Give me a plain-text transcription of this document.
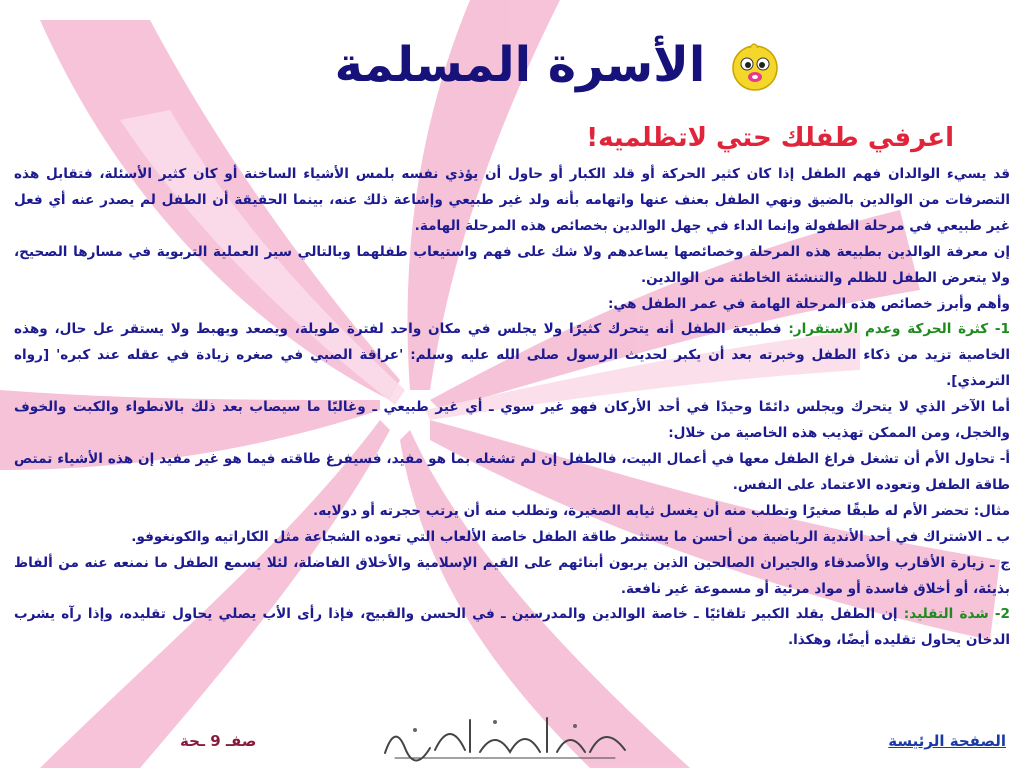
الأسرة المسلمة
اعرفي طفلك حتي لاتظلميه!
قد يسيء الوالدان فهم الطفل إذا كان كثير الحركة أو قلد الكبار أو حاول أن يؤذي نفسه بلمس الأشياء الساخنة أو كان كثير الأسئلة، فتقابل هذه التصرفات من الوالدين بالضيق ونهي الطفل بعنف عنها واتهامه بأنه ولد غير طبيعي وإشاعة ذلك عنه، بينما الحقيقة أن الطفل لم يصدر عنه أي فعل غير طبيعي في مرحلة الطفولة وإنما الداء في جهل الوالدين بخصائص هذه المرحلة الهامة.
إن معرفة الوالدين بطبيعة هذه المرحلة وخصائصها يساعدهم ولا شك على فهم واستيعاب طفلهما وبالتالي سير العملية التربوية في مسارها الصحيح، ولا يتعرض الطفل للظلم والتنشئة الخاطئة من الوالدين.
وأهم وأبرز خصائص هذه المرحلة الهامة في عمر الطفل هي:
1- كثرة الحركة وعدم الاستقرار: فطبيعة الطفل أنه يتحرك كثيرًا ولا يجلس في مكان واحد لفترة طويلة، ويصعد ويهبط ولا يستقر عل حال، وهذه الخاصية تزيد من ذكاء الطفل وخبرته بعد أن يكبر لحديث الرسول صلى الله عليه وسلم: 'عراقة الصبي في صغره زيادة في عقله عند كبره' [رواه الترمذي].
أما الآخر الذي لا يتحرك ويجلس دائمًا وحيدًا في أحد الأركان فهو غير سوي ـ أي غير طبيعي ـ وغالبًا ما سيصاب بعد ذلك بالانطواء والكبت والخوف والخجل، ومن الممكن تهذيب هذه الخاصية من خلال:
أ- تحاول الأم أن تشغل فراغ الطفل معها في أعمال البيت، فالطفل إن لم تشغله بما هو مفيد، فسيفرغ طاقته فيما هو غير مفيد إن هذه الأشياء تمتص طاقة الطفل وتعوده الاعتماد على النفس.
مثال: تحضر الأم له طبقًا صغيرًا وتطلب منه أن يغسل ثيابه الصغيرة، وتطلب منه أن يرتب حجرته أو دولابه.
ب ـ الاشتراك في أحد الأندية الرياضية من أحسن ما يستثمر طاقة الطفل خاصة الألعاب التي تعوده الشجاعة مثل الكاراتيه والكونغوفو.
ج ـ زيارة الأقارب والأصدقاء والجيران الصالحين الذين يربون أبنائهم على القيم الإسلامية والأخلاق الفاضلة، لئلا يسمع الطفل ما نمنعه عنه من ألفاظ بذيئة، أو أخلاق فاسدة أو مواد مرئية أو مسموعة غير نافعة.
2- شدة التقليد: إن الطفل يقلد الكبير تلقائيًا ـ خاصة الوالدين والمدرسين ـ في الحسن والقبيح، فإذا رأى الأب يصلي يحاول تقليده، وإذا رآه يشرب الدخان يحاول تقليده أيضًا، وهكذا.
صفـ 9 ـحة	الصفحة الرئيسة
